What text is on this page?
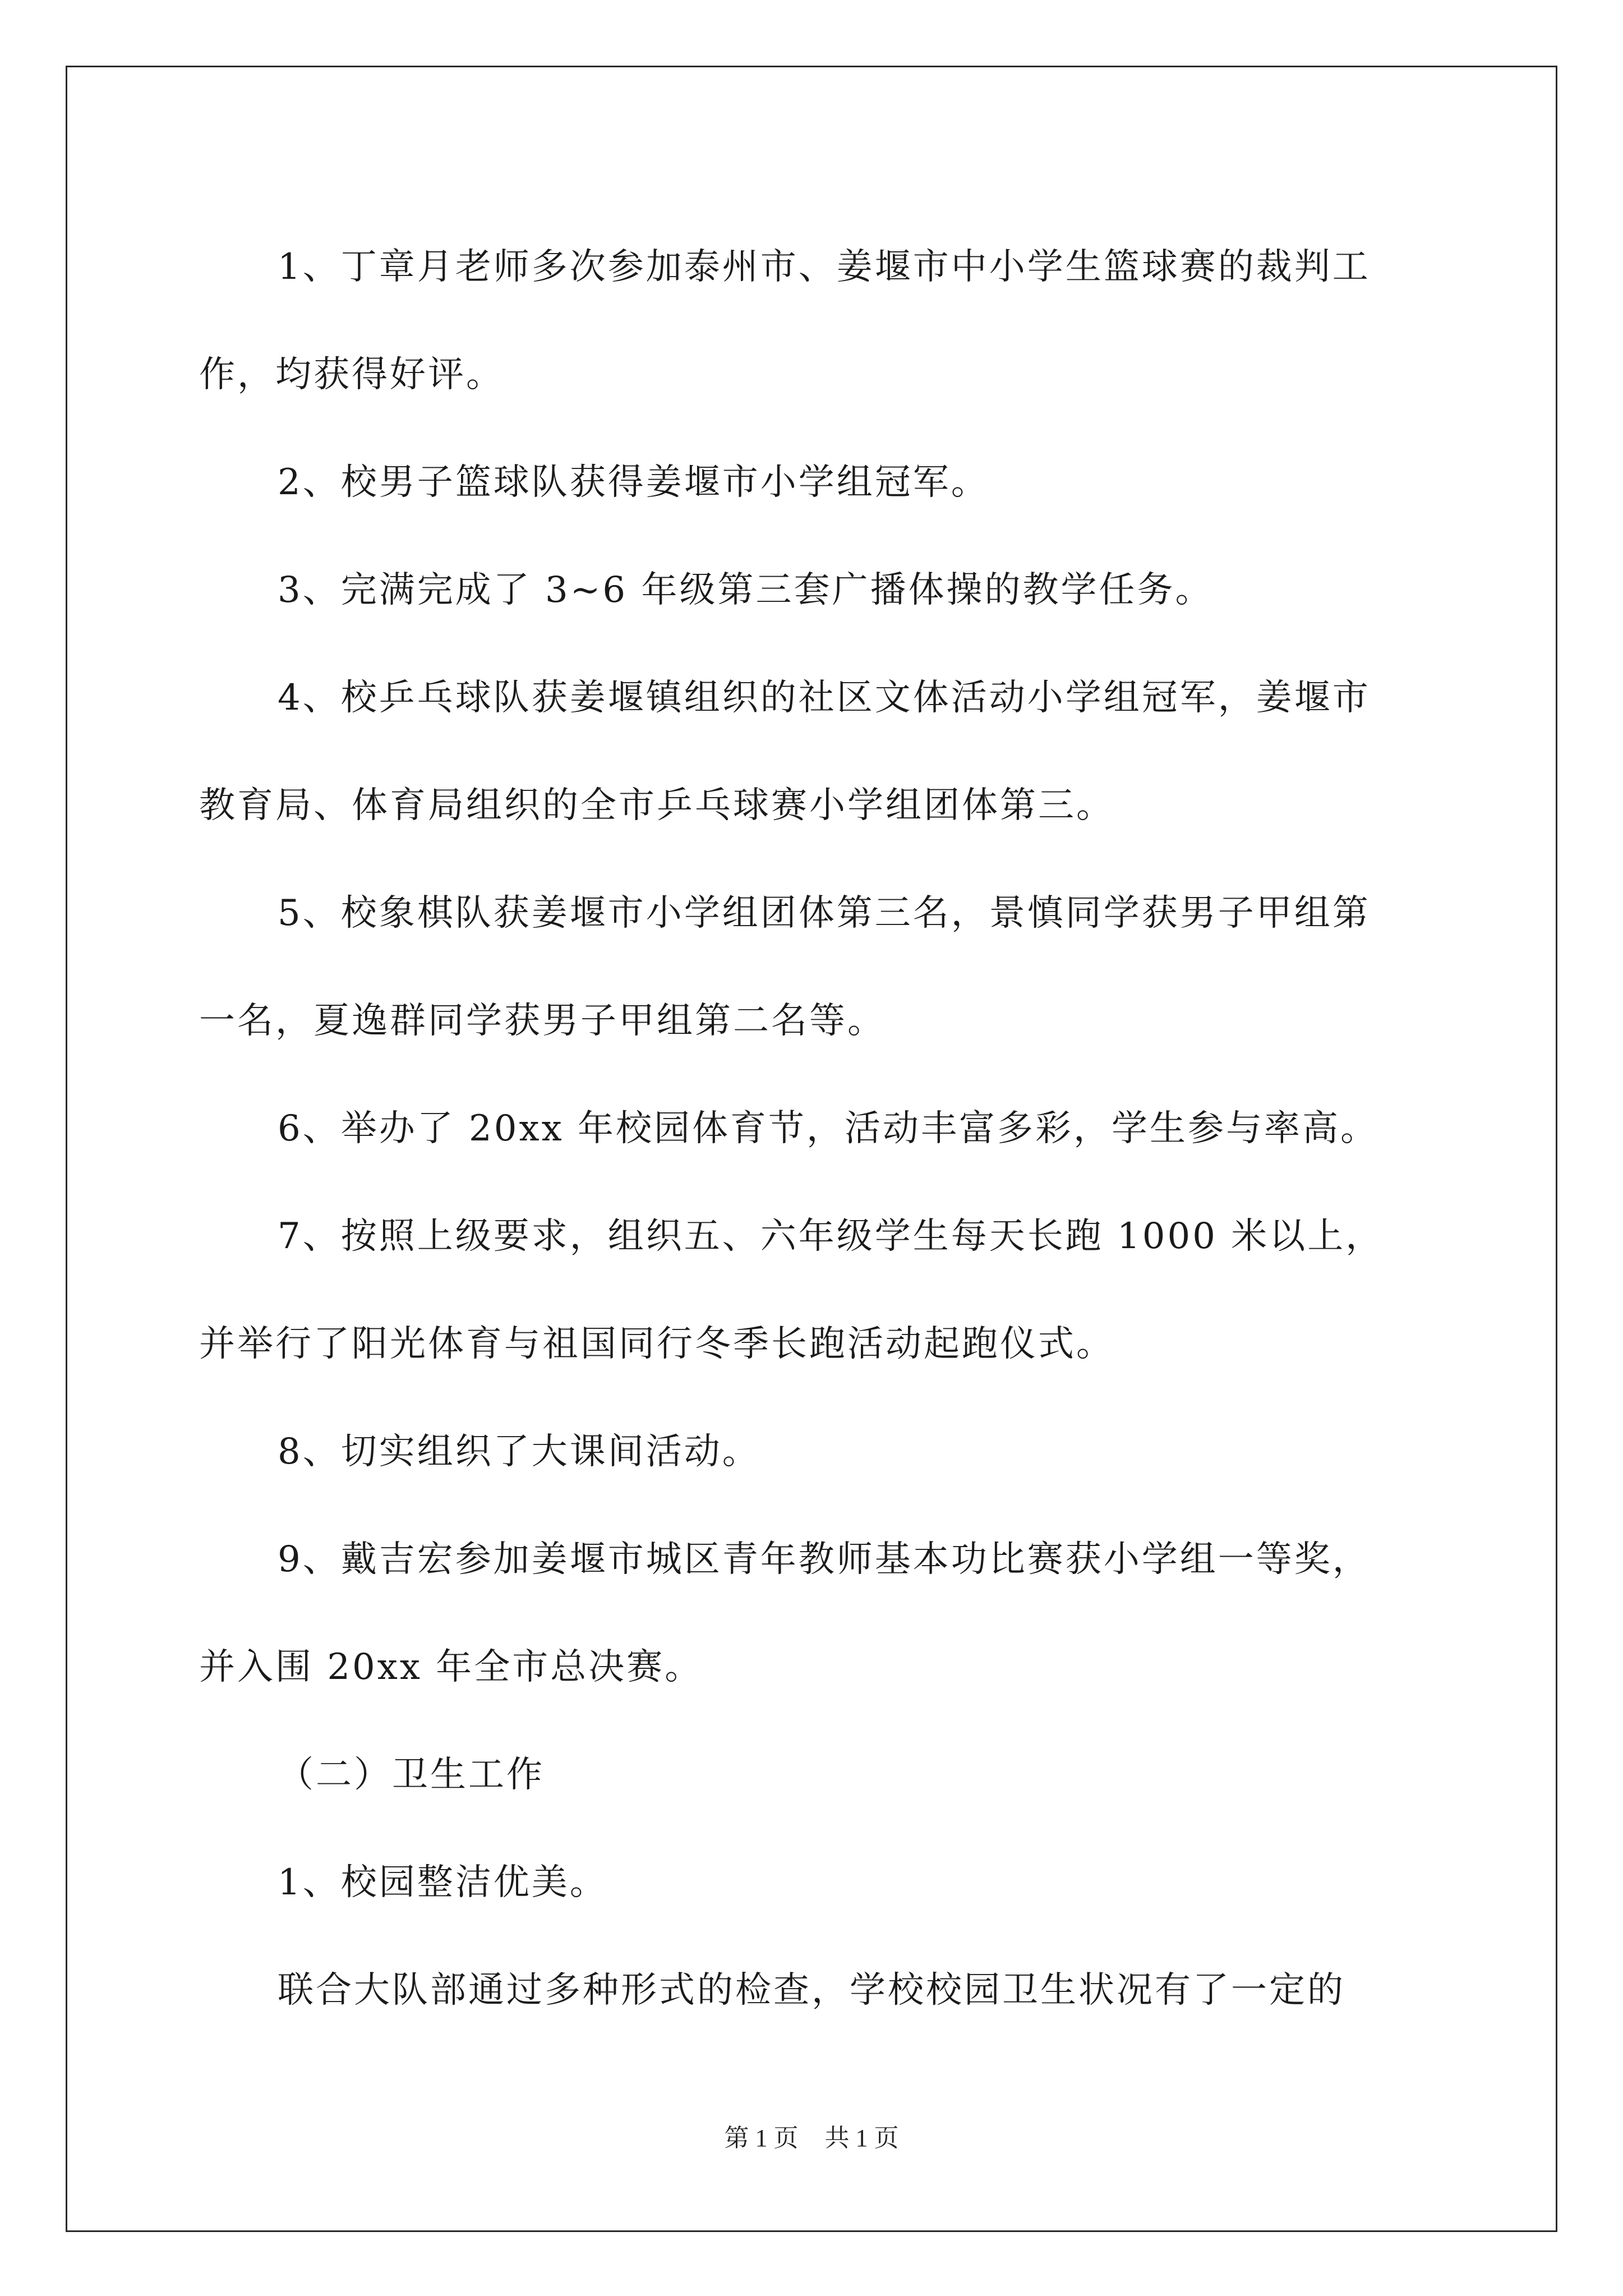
1、丁章月老师多次参加泰州市、姜堰市中小学生篮球赛的裁判工

作，均获得好评。

2、校男子篮球队获得姜堰市小学组冠军。

3、完满完成了 3~6 年级第三套广播体操的教学任务。

4、校乒乓球队获姜堰镇组织的社区文体活动小学组冠军，姜堰市

教育局、体育局组织的全市乒乓球赛小学组团体第三。

5、校象棋队获姜堰市小学组团体第三名，景慎同学获男子甲组第

一名，夏逸群同学获男子甲组第二名等。

6、举办了 20xx 年校园体育节，活动丰富多彩，学生参与率高。

7、按照上级要求，组织五、六年级学生每天长跑 1000 米以上，

并举行了阳光体育与祖国同行冬季长跑活动起跑仪式。

8、切实组织了大课间活动。

9、戴吉宏参加姜堰市城区青年教师基本功比赛获小学组一等奖，

并入围 20xx 年全市总决赛。

（二）卫生工作

1、校园整洁优美。

联合大队部通过多种形式的检查，学校校园卫生状况有了一定的

第 1 页 共 1 页
